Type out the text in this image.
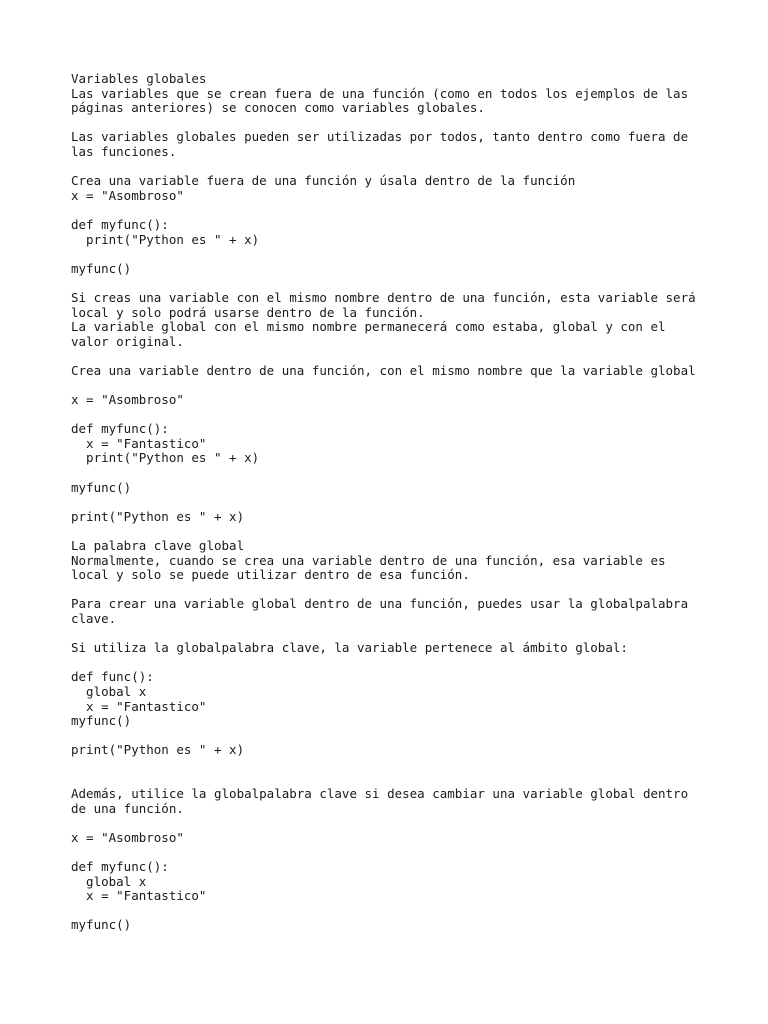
Variables globales
Las variables que se crean fuera de una función (como en todos los ejemplos de las
páginas anteriores) se conocen como variables globales.
Las variables globales pueden ser utilizadas por todos, tanto dentro como fuera de
las funciones.
Crea una variable fuera de una función y úsala dentro de la función
x = "Asombroso"
def myfunc():
print("Python es " + x)
myfunc()
Si creas una variable con el mismo nombre dentro de una función, esta variable será
local y solo podrá usarse dentro de la función.
La variable global con el mismo nombre permanecerá como estaba, global y con el
valor original.
Crea una variable dentro de una función, con el mismo nombre que la variable global
x = "Asombroso"
def myfunc():
x = "Fantastico"
print("Python es " + x)
myfunc()
print("Python es " + x)
La palabra clave global
Normalmente, cuando se crea una variable dentro de una función, esa variable es
local y solo se puede utilizar dentro de esa función.
Para crear una variable global dentro de una función, puedes usar la globalpalabra
clave.
Si utiliza la globalpalabra clave, la variable pertenece al ámbito global:
def func():
global x
x = "Fantastico"
myfunc()
print("Python es " + x)
Además, utilice la globalpalabra clave si desea cambiar una variable global dentro
de una función.
x = "Asombroso"
def myfunc():
global x
x = "Fantastico"
myfunc()
